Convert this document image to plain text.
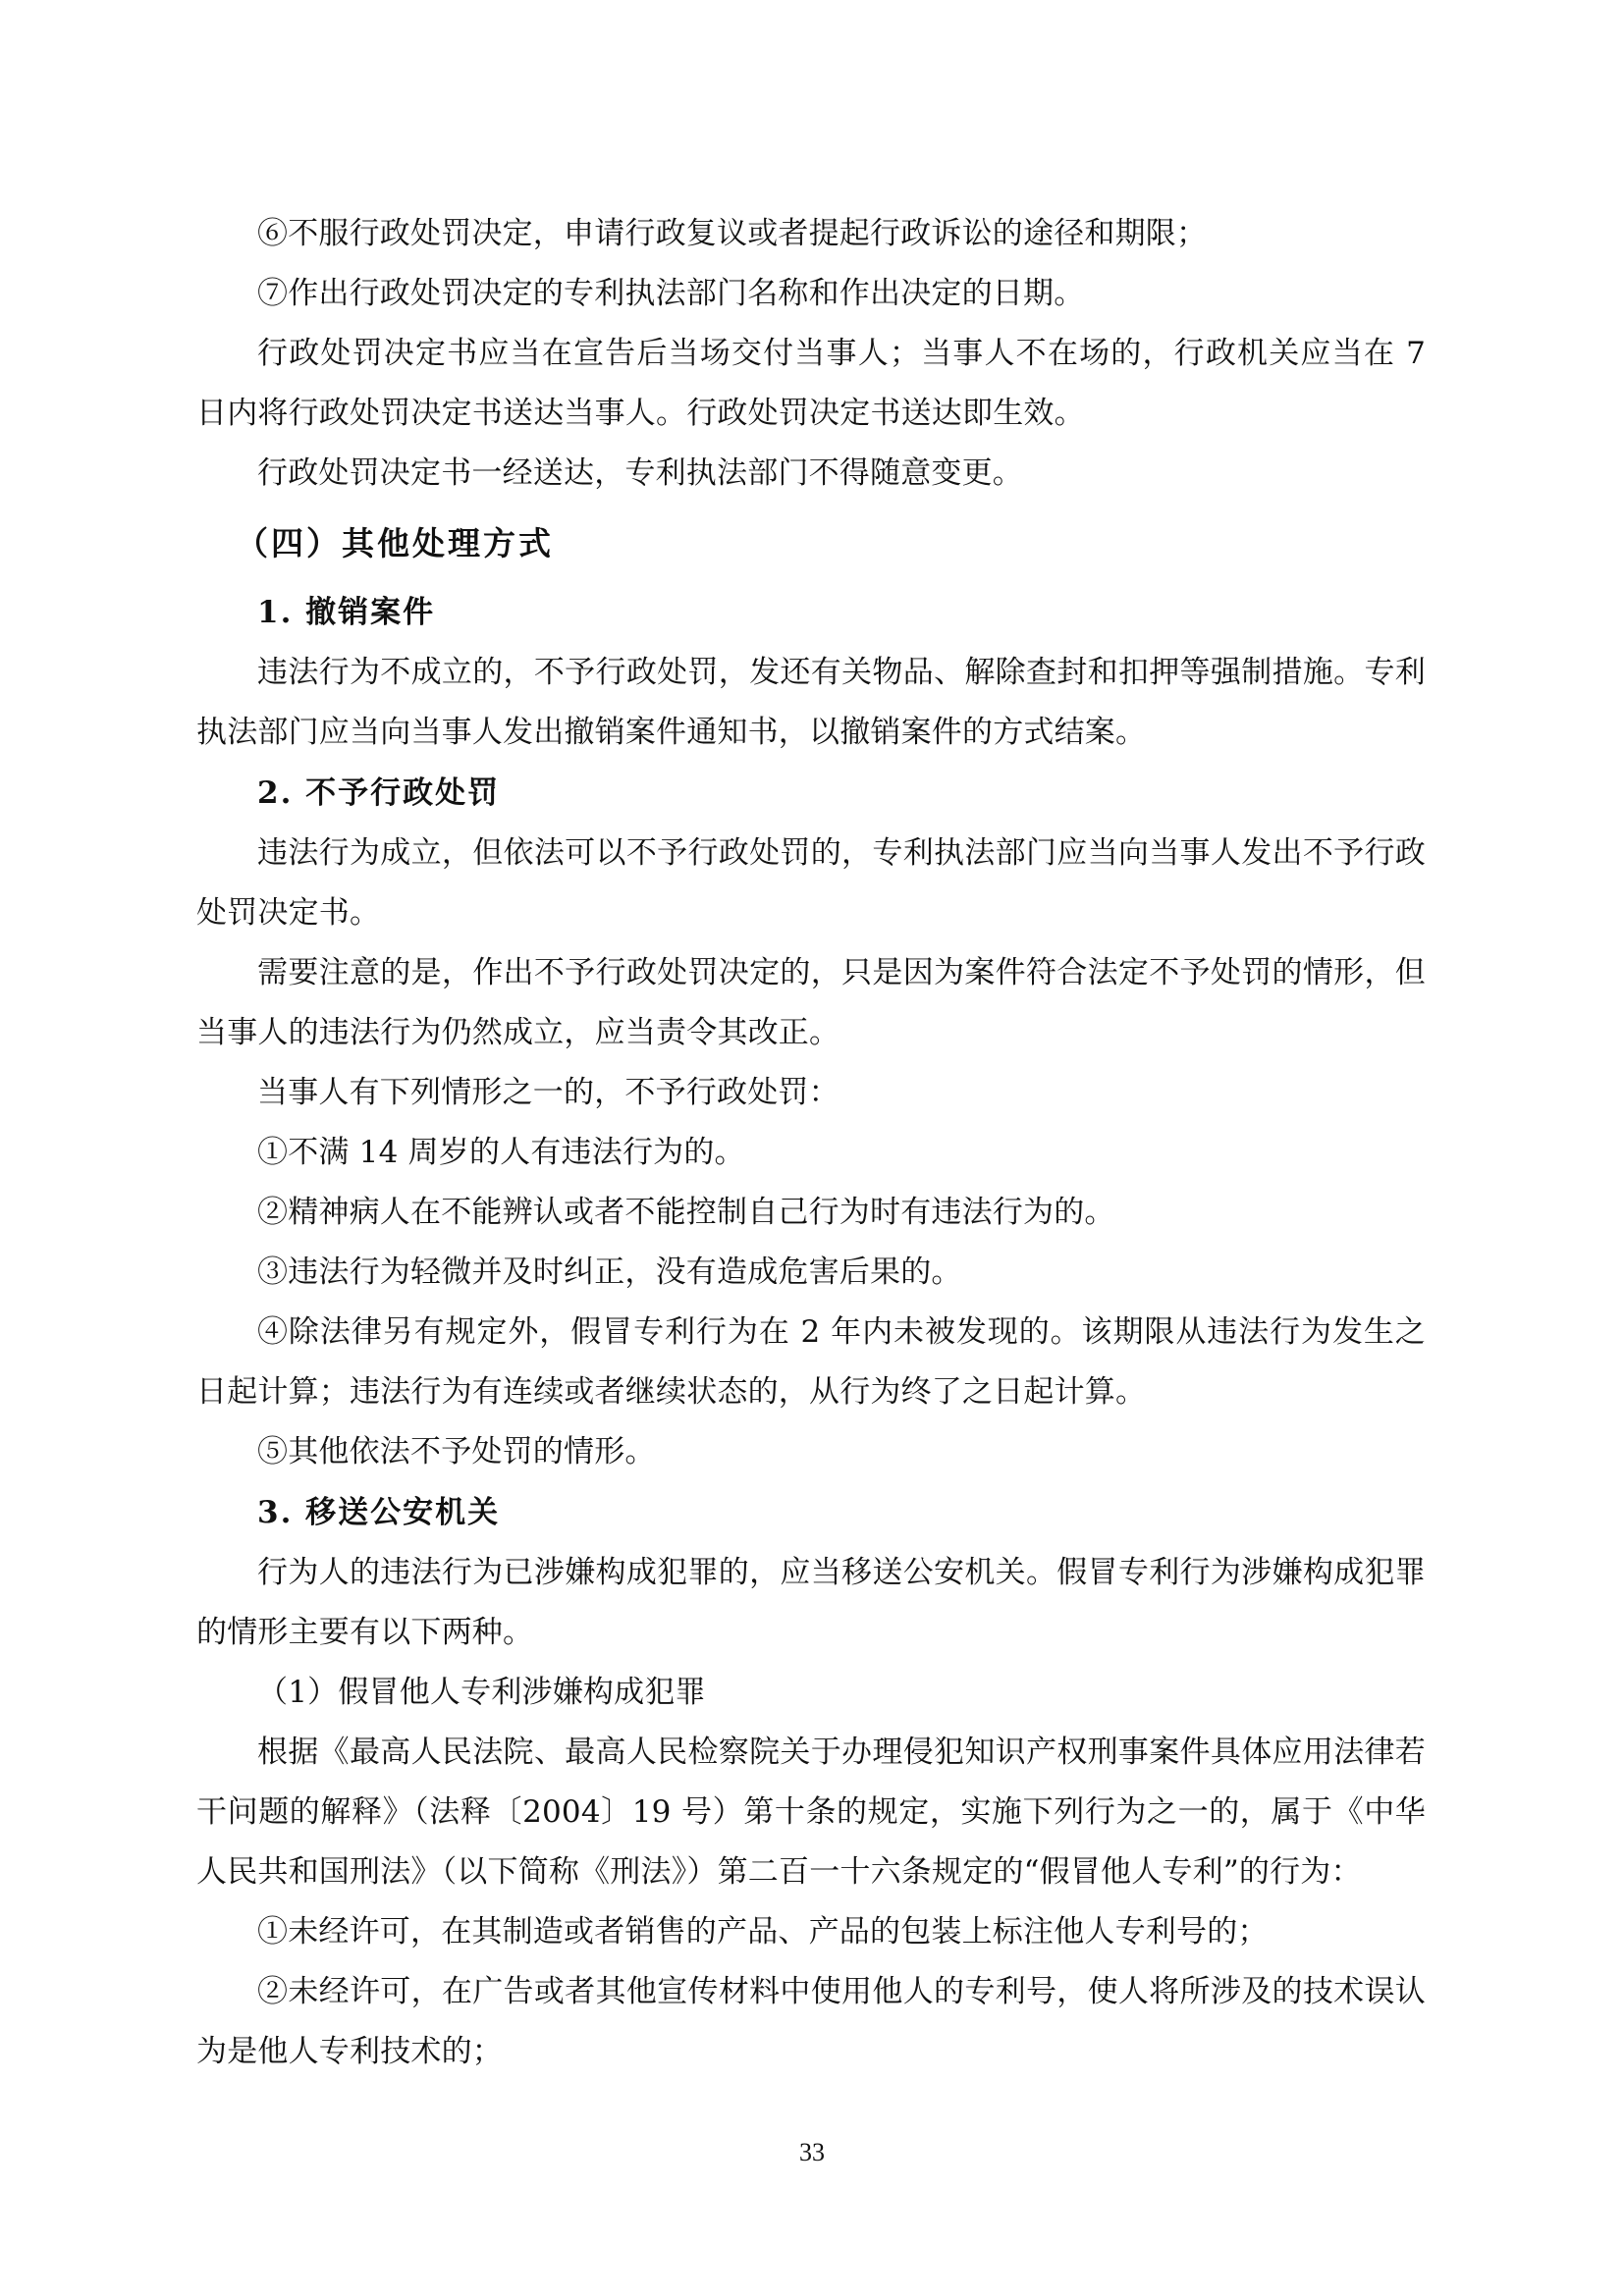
⑥不服行政处罚决定，申请行政复议或者提起行政诉讼的途径和期限；

⑦作出行政处罚决定的专利执法部门名称和作出决定的日期。

行政处罚决定书应当在宣告后当场交付当事人；当事人不在场的，行政机关应当在 7 日内将行政处罚决定书送达当事人。行政处罚决定书送达即生效。

行政处罚决定书一经送达，专利执法部门不得随意变更。

（四）其他处理方式
1. 撤销案件

违法行为不成立的，不予行政处罚，发还有关物品、解除查封和扣押等强制措施。专利执法部门应当向当事人发出撤销案件通知书，以撤销案件的方式结案。

2. 不予行政处罚

违法行为成立，但依法可以不予行政处罚的，专利执法部门应当向当事人发出不予行政处罚决定书。

需要注意的是，作出不予行政处罚决定的，只是因为案件符合法定不予处罚的情形，但当事人的违法行为仍然成立，应当责令其改正。

当事人有下列情形之一的，不予行政处罚：

①不满 14 周岁的人有违法行为的。

②精神病人在不能辨认或者不能控制自己行为时有违法行为的。

③违法行为轻微并及时纠正，没有造成危害后果的。

④除法律另有规定外，假冒专利行为在 2 年内未被发现的。该期限从违法行为发生之日起计算；违法行为有连续或者继续状态的，从行为终了之日起计算。

⑤其他依法不予处罚的情形。

3. 移送公安机关

行为人的违法行为已涉嫌构成犯罪的，应当移送公安机关。假冒专利行为涉嫌构成犯罪的情形主要有以下两种。

（1）假冒他人专利涉嫌构成犯罪

根据《最高人民法院、最高人民检察院关于办理侵犯知识产权刑事案件具体应用法律若干问题的解释》（法释〔2004〕19 号）第十条的规定，实施下列行为之一的，属于《中华人民共和国刑法》（以下简称《刑法》）第二百一十六条规定的“假冒他人专利”的行为：

①未经许可，在其制造或者销售的产品、产品的包装上标注他人专利号的；

②未经许可，在广告或者其他宣传材料中使用他人的专利号，使人将所涉及的技术误认为是他人专利技术的；

33
